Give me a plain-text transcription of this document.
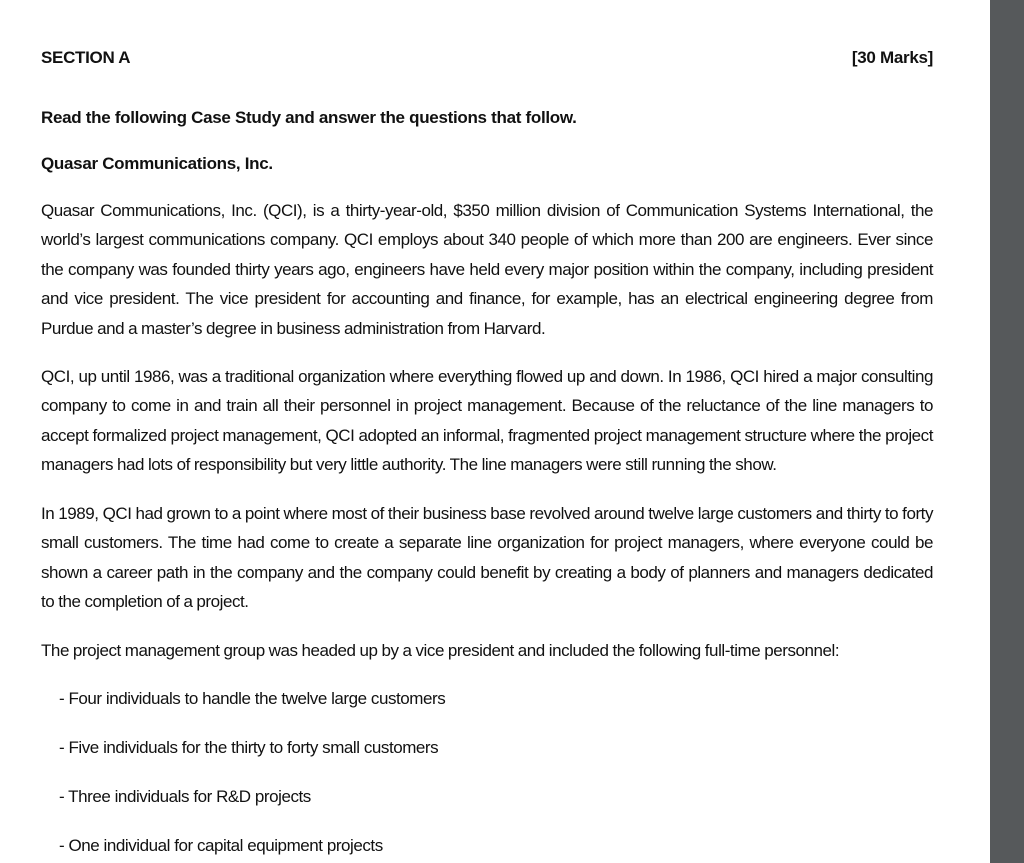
SECTION A	[30 Marks]
Read the following Case Study and answer the questions that follow.
Quasar Communications, Inc.

Quasar Communications, Inc. (QCI), is a thirty-year-old, $350 million division of Communication Systems International, the world’s largest communications company. QCI employs about 340 people of which more than 200 are engineers. Ever since the company was founded thirty years ago, engineers have held every major position within the company, including president and vice president. The vice president for accounting and finance, for example, has an electrical engineering degree from Purdue and a master’s degree in business administration from Harvard.

QCI, up until 1986, was a traditional organization where everything flowed up and down. In 1986, QCI hired a major consulting company to come in and train all their personnel in project management. Because of the reluctance of the line managers to accept formalized project management, QCI adopted an informal, fragmented project management structure where the project managers had lots of responsibility but very little authority. The line managers were still running the show.

In 1989, QCI had grown to a point where most of their business base revolved around twelve large customers and thirty to forty small customers. The time had come to create a separate line organization for project managers, where everyone could be shown a career path in the company and the company could benefit by creating a body of planners and managers dedicated to the completion of a project.

The project management group was headed up by a vice president and included the following full-time personnel:

- Four individuals to handle the twelve large customers
- Five individuals for the thirty to forty small customers
- Three individuals for R&D projects
- One individual for capital equipment projects
